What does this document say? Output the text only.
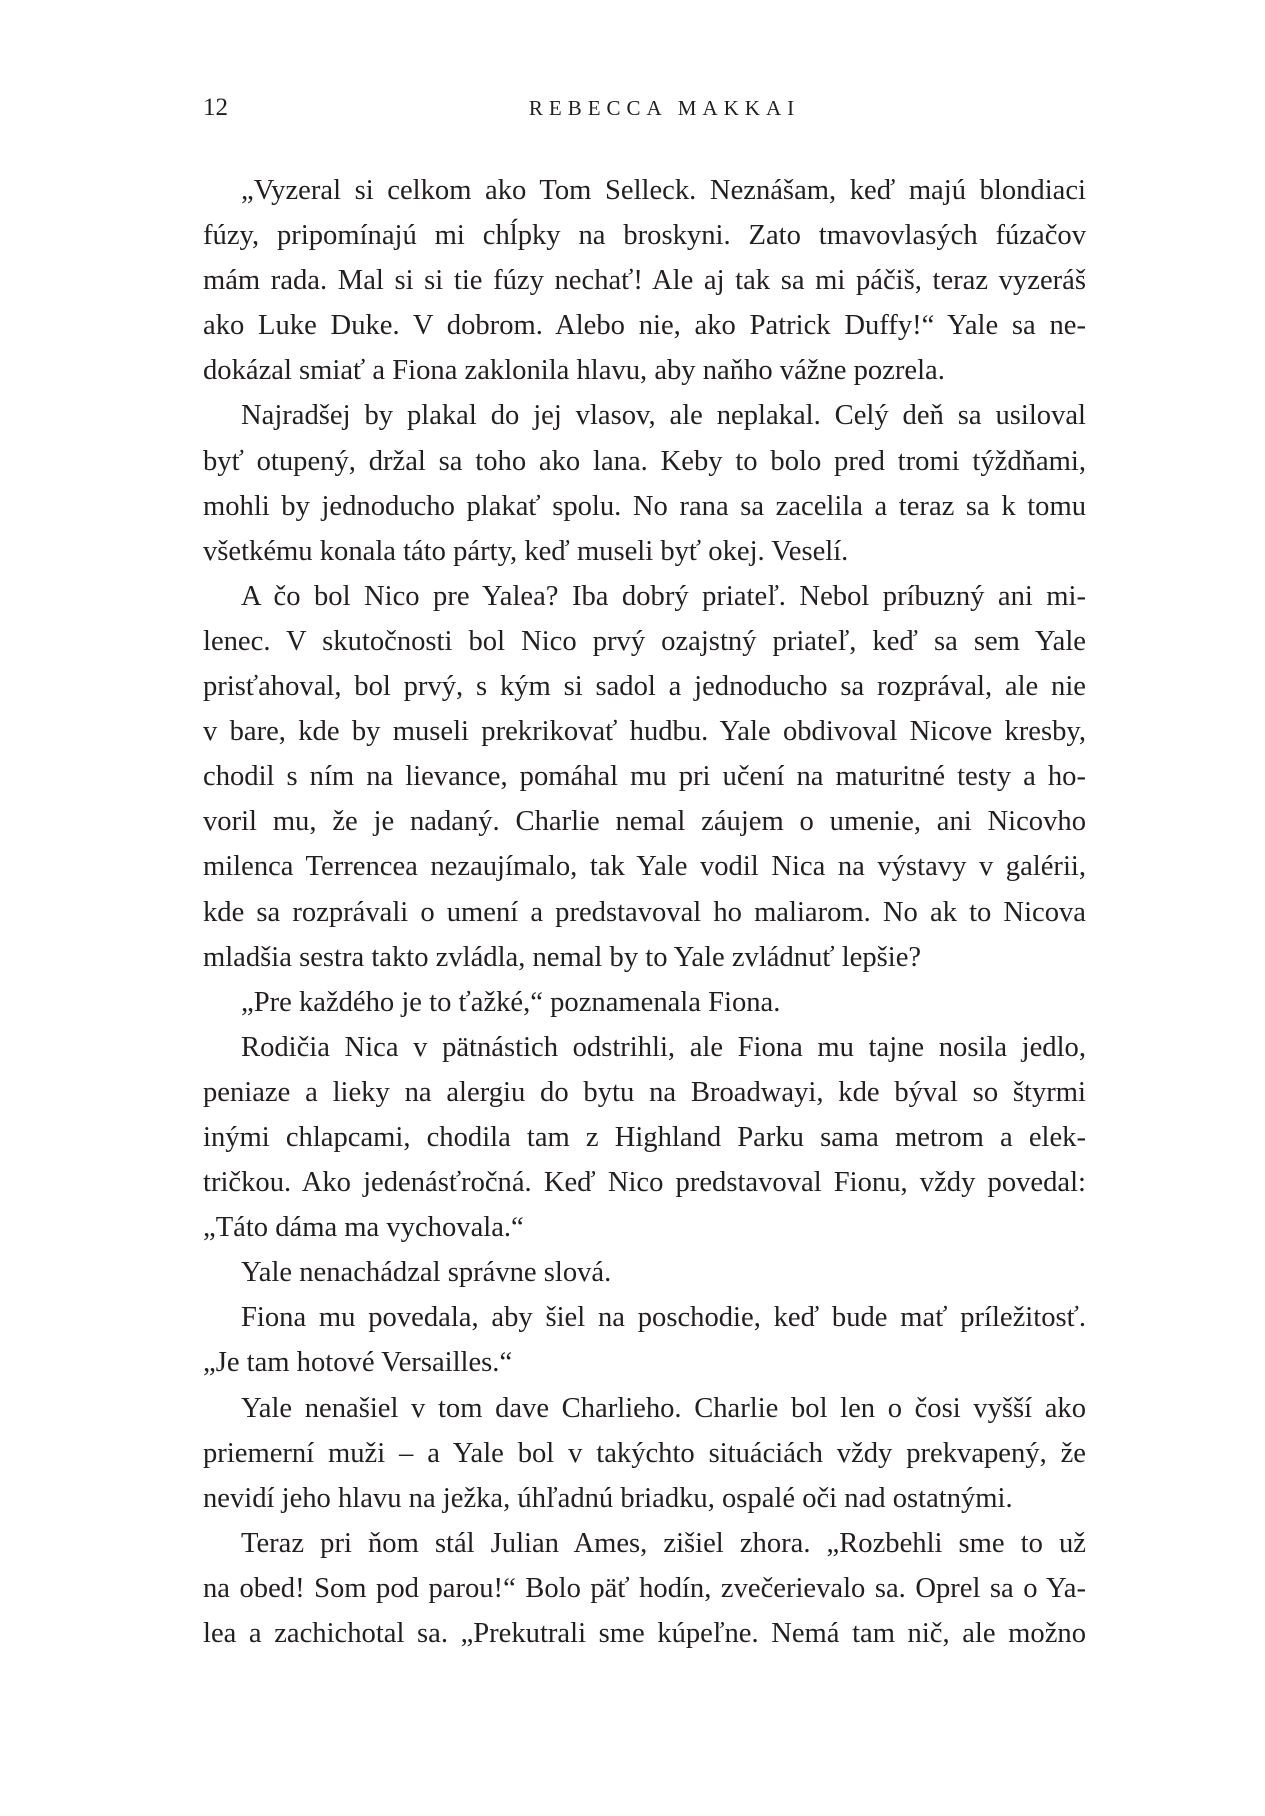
12	REBECCA MAKKAI
„Vyzeral si celkom ako Tom Selleck. Neznášam, keď majú blondiaci
fúzy, pripomínajú mi chĺpky na broskyni. Zato tmavovlasých fúzačov
mám rada. Mal si si tie fúzy nechať! Ale aj tak sa mi páčiš, teraz vyzeráš
ako Luke Duke. V dobrom. Alebo nie, ako Patrick Duffy!“ Yale sa ne-
dokázal smiať a Fiona zaklonila hlavu, aby naňho vážne pozrela.
Najradšej by plakal do jej vlasov, ale neplakal. Celý deň sa usiloval
byť otupený, držal sa toho ako lana. Keby to bolo pred tromi týždňami,
mohli by jednoducho plakať spolu. No rana sa zacelila a teraz sa k tomu
všetkému konala táto párty, keď museli byť okej. Veselí.
A čo bol Nico pre Yalea? Iba dobrý priateľ. Nebol príbuzný ani mi-
lenec. V skutočnosti bol Nico prvý ozajstný priateľ, keď sa sem Yale
prisťahoval, bol prvý, s kým si sadol a jednoducho sa rozprával, ale nie
v bare, kde by museli prekrikovať hudbu. Yale obdivoval Nicove kresby,
chodil s ním na lievance, pomáhal mu pri učení na maturitné testy a ho-
voril mu, že je nadaný. Charlie nemal záujem o umenie, ani Nicovho
milenca Terrencea nezaujímalo, tak Yale vodil Nica na výstavy v galérii,
kde sa rozprávali o umení a predstavoval ho maliarom. No ak to Nicova
mladšia sestra takto zvládla, nemal by to Yale zvládnuť lepšie?
„Pre každého je to ťažké,“ poznamenala Fiona.
Rodičia Nica v pätnástich odstrihli, ale Fiona mu tajne nosila jedlo,
peniaze a lieky na alergiu do bytu na Broadwayi, kde býval so štyrmi
inými chlapcami, chodila tam z Highland Parku sama metrom a elek-
tričkou. Ako jedenásťročná. Keď Nico predstavoval Fionu, vždy povedal:
„Táto dáma ma vychovala.“
Yale nenachádzal správne slová.
Fiona mu povedala, aby šiel na poschodie, keď bude mať príležitosť.
„Je tam hotové Versailles.“
Yale nenašiel v tom dave Charlieho. Charlie bol len o čosi vyšší ako
priemerní muži – a Yale bol v takýchto situáciách vždy prekvapený, že
nevidí jeho hlavu na ježka, úhľadnú briadku, ospalé oči nad ostatnými.
Teraz pri ňom stál Julian Ames, zišiel zhora. „Rozbehli sme to už
na obed! Som pod parou!“ Bolo päť hodín, zvečerievalo sa. Oprel sa o Ya-
lea a zachichotal sa. „Prekutrali sme kúpeľne. Nemá tam nič, ale možno
